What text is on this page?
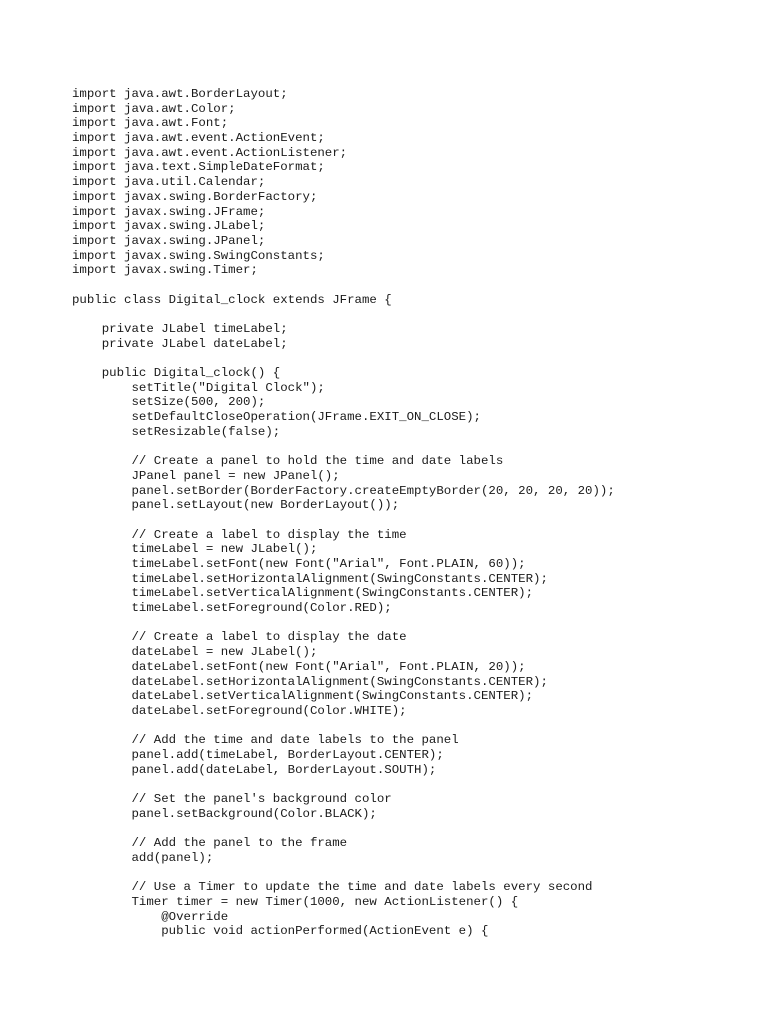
import java.awt.BorderLayout;
import java.awt.Color;
import java.awt.Font;
import java.awt.event.ActionEvent;
import java.awt.event.ActionListener;
import java.text.SimpleDateFormat;
import java.util.Calendar;
import javax.swing.BorderFactory;
import javax.swing.JFrame;
import javax.swing.JLabel;
import javax.swing.JPanel;
import javax.swing.SwingConstants;
import javax.swing.Timer;
public class Digital_clock extends JFrame {
private JLabel timeLabel;
private JLabel dateLabel;
public Digital_clock() {
setTitle("Digital Clock");
setSize(500, 200);
setDefaultCloseOperation(JFrame.EXIT_ON_CLOSE);
setResizable(false);
// Create a panel to hold the time and date labels
JPanel panel = new JPanel();
panel.setBorder(BorderFactory.createEmptyBorder(20, 20, 20, 20));
panel.setLayout(new BorderLayout());
// Create a label to display the time
timeLabel = new JLabel();
timeLabel.setFont(new Font("Arial", Font.PLAIN, 60));
timeLabel.setHorizontalAlignment(SwingConstants.CENTER);
timeLabel.setVerticalAlignment(SwingConstants.CENTER);
timeLabel.setForeground(Color.RED);
// Create a label to display the date
dateLabel = new JLabel();
dateLabel.setFont(new Font("Arial", Font.PLAIN, 20));
dateLabel.setHorizontalAlignment(SwingConstants.CENTER);
dateLabel.setVerticalAlignment(SwingConstants.CENTER);
dateLabel.setForeground(Color.WHITE);
// Add the time and date labels to the panel
panel.add(timeLabel, BorderLayout.CENTER);
panel.add(dateLabel, BorderLayout.SOUTH);
// Set the panel's background color
panel.setBackground(Color.BLACK);
// Add the panel to the frame
add(panel);
// Use a Timer to update the time and date labels every second
Timer timer = new Timer(1000, new ActionListener() {
@Override
public void actionPerformed(ActionEvent e) {
